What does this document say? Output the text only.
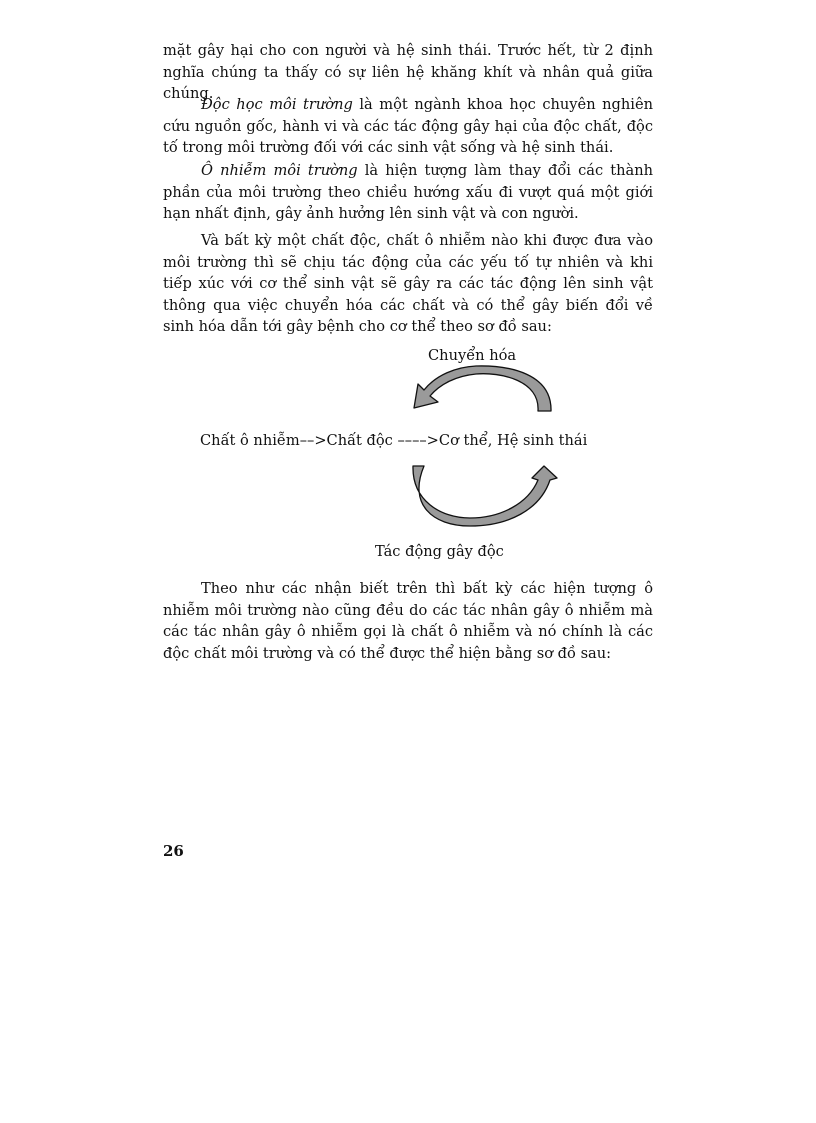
mặt gây hại cho con người và hệ sinh thái. Trước hết, từ 2 định nghĩa chúng ta thấy có sự liên hệ khăng khít và nhân quả giữa chúng.

Độc học môi trường là một ngành khoa học chuyên nghiên cứu nguồn gốc, hành vi và các tác động gây hại của độc chất, độc tố trong môi trường đối với các sinh vật sống và hệ sinh thái.

Ô nhiễm môi trường là hiện tượng làm thay đổi các thành phần của môi trường theo chiều hướng xấu đi vượt quá một giới hạn nhất định, gây ảnh hưởng lên sinh vật và con người.

Và bất kỳ một chất độc, chất ô nhiễm nào khi được đưa vào môi trường thì sẽ chịu tác động của các yếu tố tự nhiên và khi tiếp xúc với cơ thể sinh vật sẽ gây ra các tác động lên sinh vật thông qua việc chuyển hóa các chất và có thể gây biến đổi về sinh hóa dẫn tới gây bệnh cho cơ thể theo sơ đồ sau:

Chuyển hóa
Chất ô nhiễm––>Chất độc ––––>Cơ thể, Hệ sinh thái
Tác động gây độc

Theo như các nhận biết trên thì bất kỳ các hiện tượng ô nhiễm môi trường nào cũng đều do các tác nhân gây ô nhiễm mà các tác nhân gây ô nhiễm gọi là chất ô nhiễm và nó chính là các độc chất môi trường và có thể được thể hiện bằng sơ đồ sau:

26
